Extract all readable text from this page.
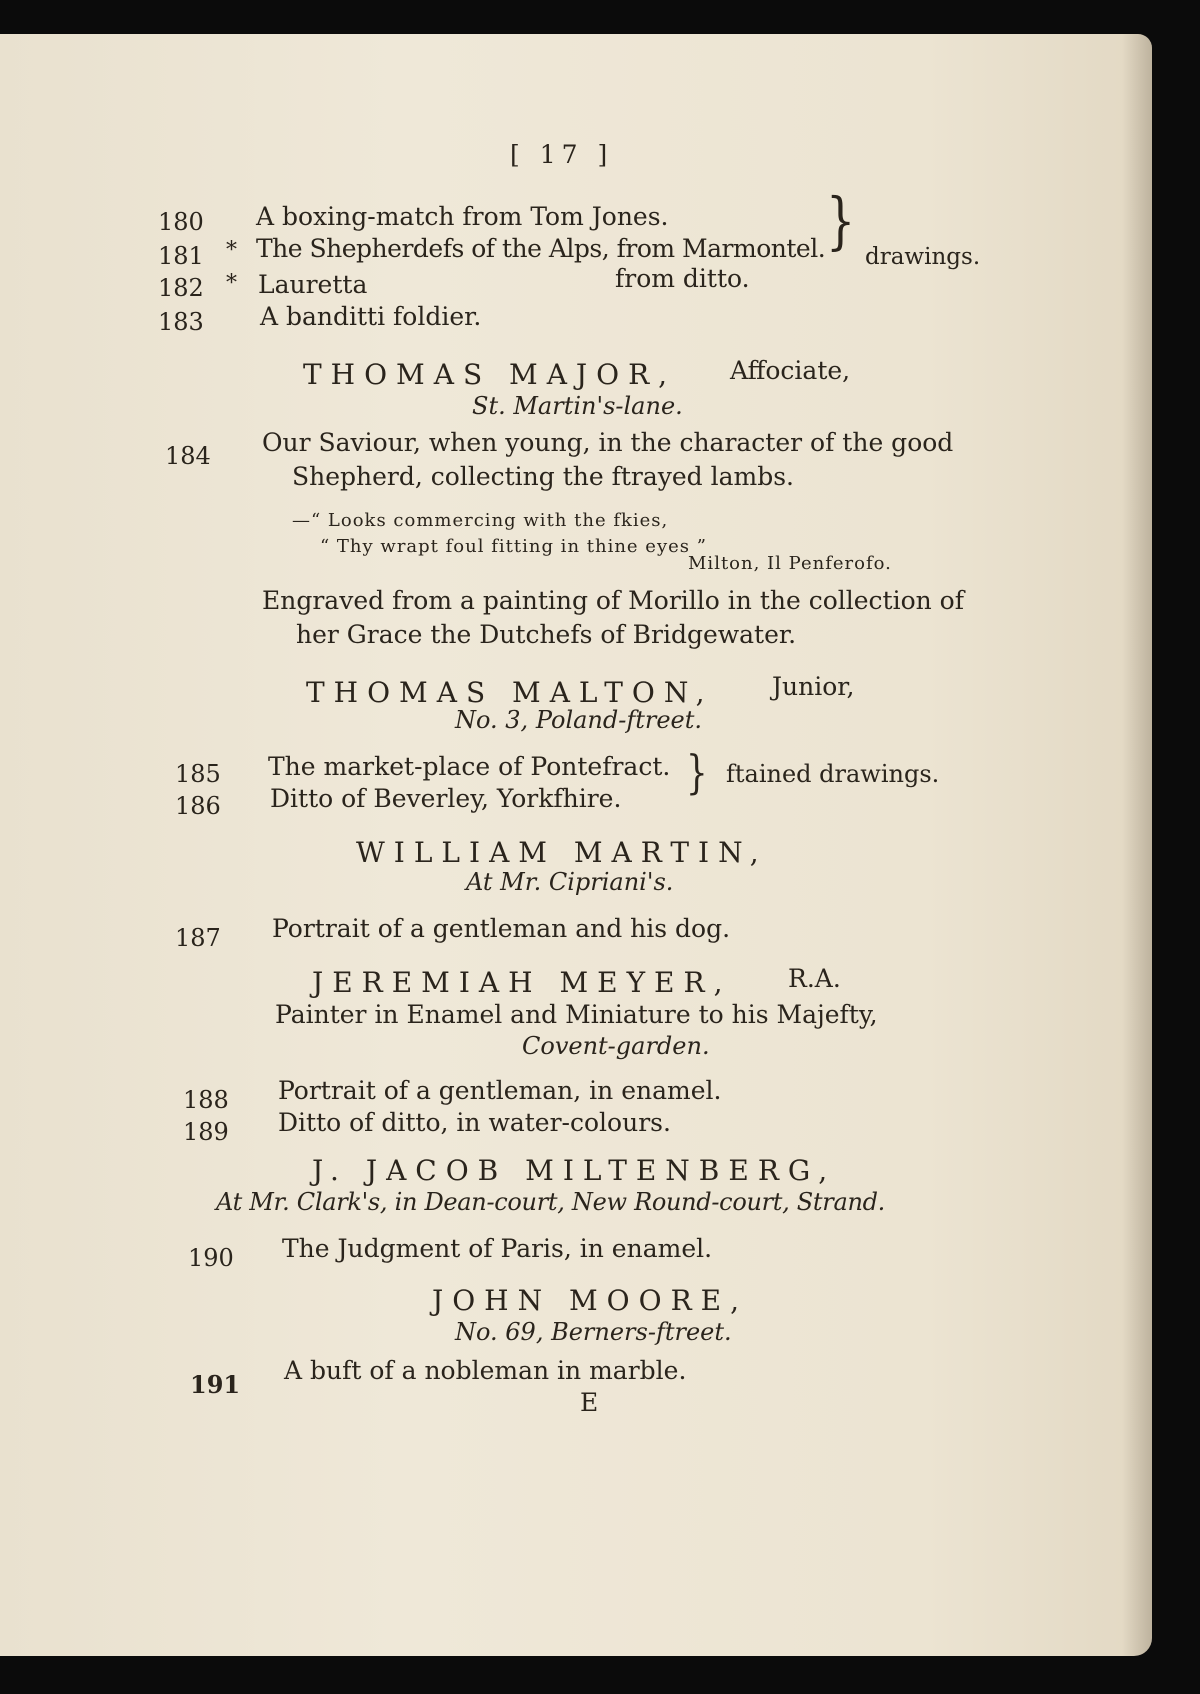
[ 17 ]
180 A boxing-match from Tom Jones.
181 * The Shepherdefs of the Alps, from Marmontel.
182 * Lauretta	from ditto.
183 A banditti foldier.
}
drawings.
THOMAS MAJOR, Affociate,
St. Martin's-lane.
184 Our Saviour, when young, in the character of the good
Shepherd, collecting the ftrayed lambs.
—“ Looks commercing with the fkies,
“ Thy wrapt foul fitting in thine eyes ”
Milton, Il Penferofo.
Engraved from a painting of Morillo in the collection of
her Grace the Dutchefs of Bridgewater.
THOMAS MALTON, Junior,
No. 3, Poland-ftreet.
185 The market-place of Pontefract.
186 Ditto of Beverley, Yorkfhire. } ftained drawings.
WILLIAM MARTIN,
At Mr. Cipriani's.
187 Portrait of a gentleman and his dog.
JEREMIAH MEYER, R.A.
Painter in Enamel and Miniature to his Majefty,
Covent-garden.
188 Portrait of a gentleman, in enamel.
189 Ditto of ditto, in water-colours.
J. JACOB MILTENBERG,
At Mr. Clark's, in Dean-court, New Round-court, Strand.
190 The Judgment of Paris, in enamel.
JOHN MOORE,
No. 69, Berners-ftreet.
191 A buft of a nobleman in marble.
E
